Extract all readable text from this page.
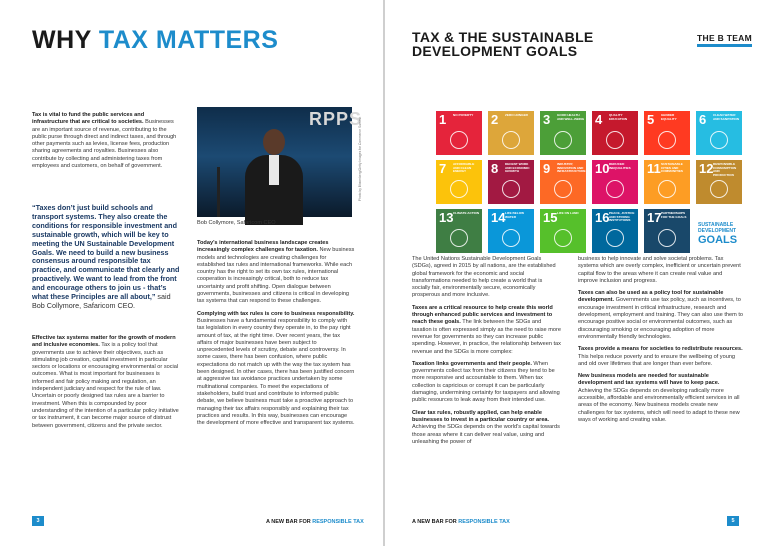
WHY TAX MATTERS

Tax is vital to fund the public services and infrastructure that are critical to societies. Businesses are an important source of revenue, contributing to the public purse through direct and indirect taxes, and through other payments such as levies, license fees, production sharing agreements and royalties. Businesses also contribute by collecting and administering taxes from employees and customers, on behalf of government.

“Taxes don’t just build schools and transport systems. They also create the conditions for responsible investment and sustainable growth, which will be key to meeting the UN Sustainable Development Goals. We need to build a new business consensus around responsible tax practice, and communicate that clearly and proactively. We want to lead from the front and encourage others to join us - that’s what these Principles are all about,” said Bob Collymore, Safaricom CEO.

Effective tax systems matter for the growth of modern and inclusive economies. Tax is a policy tool that governments use to achieve their objectives, such as stimulating job creation, capital investment in particular sectors or locations or encouraging environmental or social outcomes. What is most important for businesses is informed and fair policy making and regulation, an independent judiciary and respect for the rule of law. Uncertain or poorly designed tax rules are a barrier to investment. When this is compounded by poor understanding of the intention of a particular policy initiative or tax instrument, it can become major source of distrust between government, citizens and the private sector.

RPPS
Photo by Bloomberg/Getty Images for Commerce Summit
Bob Collymore, Safaricom CEO

Today’s international business landscape creates increasingly complex challenges for taxation. New business models and technologies are creating challenges for established tax rules and international frameworks. While each country has the right to set its own tax rules, international cooperation is increasingly critical, both to reduce tax uncertainty and profit shifting. Open dialogue between governments, businesses and citizens is critical in developing tax systems that can respond to these challenges.

Complying with tax rules is core to business responsibility. Businesses have a fundamental responsibility to comply with tax legislation in every country they operate in, to the pay right amount of tax, at the right time. Over recent years, the tax affairs of major businesses have been subject to unprecedented levels of scrutiny, debate and controversy. In some cases, there has been confusion, where public expectations do not match up with the way the tax system has been designed. In other cases, there has been justified concern at aggressive tax avoidance practices undertaken by some multinational companies. To meet the expectations of stakeholders, build trust and contribute to informed public debate, we believe business must take a proactive approach to managing their tax affairs responsibly and explaining their tax practices and results. In this way, businesses can encourage the development of more effective and transparent tax systems.

3	A NEW BAR FOR RESPONSIBLE TAX
TAX & THE SUSTAINABLE
DEVELOPMENT GOALS
THE B TEAM
1 NO POVERTY	2 ZERO HUNGER	3 GOOD HEALTH AND WELL-BEING 4 QUALITY EDUCATION	5 GENDER EQUALITY	6 CLEAN WATER AND SANITATION
7 AFFORDABLE AND CLEAN ENERGY	8 DECENT WORK AND ECONOMIC GROWTH	9 INDUSTRY, INNOVATION AND INFRASTRUCTURE 10 REDUCED INEQUALITIES	11 SUSTAINABLE CITIES AND COMMUNITIES	12 RESPONSIBLE CONSUMPTION AND PRODUCTION
13 CLIMATE ACTION 14 LIFE BELOW WATER	15 LIFE ON LAND	16 PEACE, JUSTICE AND STRONG INSTITUTIONS	17 PARTNERSHIPS FOR THE GOALS
SUSTAINABLE DEVELOPMENT
GOALS

The United Nations Sustainable Development Goals (SDGs), agreed in 2015 by all nations, are the established global framework for the economic and social transformations needed to help create a world that is socially fair, environmentally secure, economically prosperous and more inclusive.

Taxes are a critical resource to help create this world through enhanced public services and investment to reach these goals. The link between the SDGs and taxation is often expressed simply as the need to raise more revenue for governments so they can increase public spending. However, in practice, the relationship between tax revenue and the SDGs is more complex:

Taxation links governments and their people. When governments collect tax from their citizens they tend to be more responsive and accountable to them. When tax collection is capricious or corrupt it can be particularly damaging, undermining certainty for taxpayers and allowing public resources to leak away from their intended use.

Clear tax rules, robustly applied, can help enable businesses to invest in a particular country or area. Achieving the SDGs depends on the world’s capital towards those areas where it can deliver real value, using and unleashing the power of

business to help innovate and solve societal problems. Tax systems which are overly complex, inefficient or uncertain prevent capital flow to the areas where it can create real value and improve inclusion and progress.

Taxes can also be used as a policy tool for sustainable development. Governments use tax policy, such as incentives, to encourage investment in critical infrastructure, research and development, employment and training. They can also use them to encourage positive social or environmental outcomes, such as discouraging smoking or encouraging adoption of more environmentally friendly technologies.

Taxes provide a means for societies to redistribute resources. This helps reduce poverty and to ensure the wellbeing of young and old over lifetimes that are longer than ever before.

New business models are needed for sustainable development and tax systems will have to keep pace. Achieving the SDGs depends on developing radically more accessible, affordable and environmentally efficient services in all areas of the economy. New business models create new challenges for tax systems, which will need to adapt to these new ways of working and creating value.

A NEW BAR FOR RESPONSIBLE TAX	5
